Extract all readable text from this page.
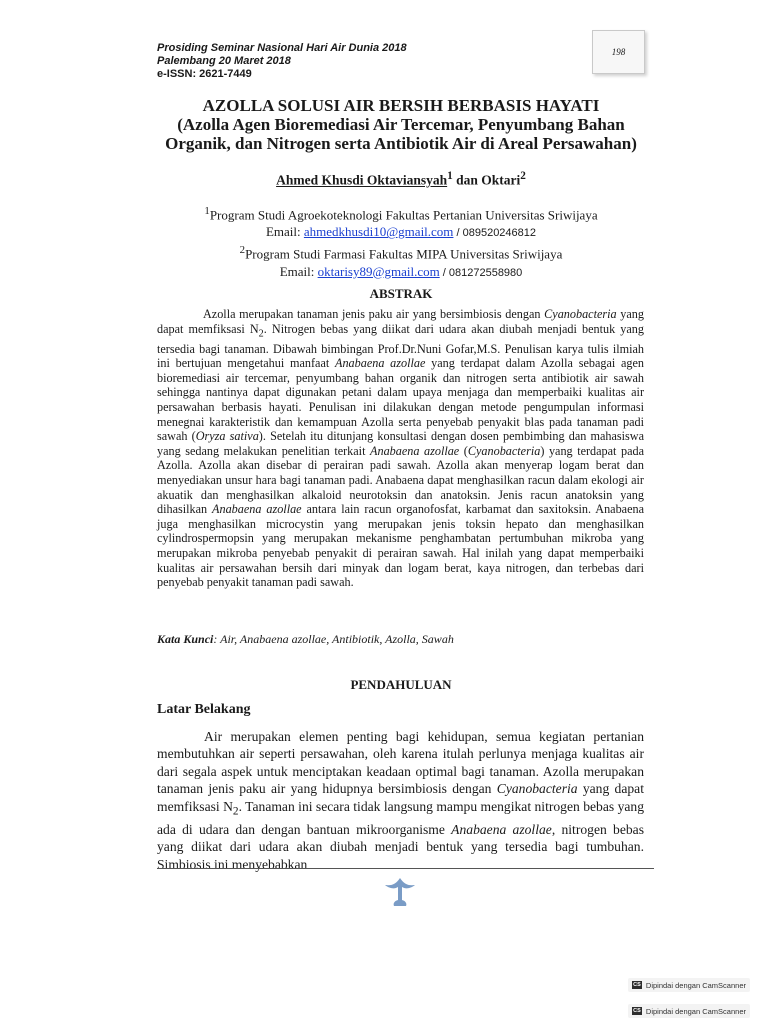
Prosiding Seminar Nasional Hari Air Dunia 2018
Palembang 20 Maret 2018
e-ISSN: 2621-7449
198
AZOLLA SOLUSI AIR BERSIH BERBASIS HAYATI
(Azolla Agen Bioremediasi Air Tercemar, Penyumbang Bahan
Organik, dan Nitrogen serta Antibiotik Air di Areal Persawahan)
Ahmed Khusdi Oktaviansyah$^1$ dan Oktari$^2$
$^1$Program Studi Agroekoteknologi Fakultas Pertanian Universitas Sriwijaya
Email: ahmedkhusdi10@gmail.com / 089520246812
$^2$Program Studi Farmasi Fakultas MIPA Universitas Sriwijaya
Email: oktarisy89@gmail.com / 081272558980
ABSTRAK
Azolla merupakan tanaman jenis paku air yang bersimbiosis dengan Cyanobacteria yang dapat memfiksasi $N_2$. Nitrogen bebas yang diikat dari udara akan diubah menjadi bentuk yang tersedia bagi tanaman. Dibawah bimbingan Prof.Dr.Nuni Gofar,M.S. Penulisan karya tulis ilmiah ini bertujuan mengetahui manfaat Anabaena azollae yang terdapat dalam Azolla sebagai agen bioremediasi air tercemar, penyumbang bahan organik dan nitrogen serta antibiotik air sawah sehingga nantinya dapat digunakan petani dalam upaya menjaga dan memperbaiki kualitas air persawahan berbasis hayati. Penulisan ini dilakukan dengan metode pengumpulan informasi menegnai karakteristik dan kemampuan Azolla serta penyebab penyakit blas pada tanaman padi sawah (Oryza sativa). Setelah itu ditunjang konsultasi dengan dosen pembimbing dan mahasiswa yang sedang melakukan penelitian terkait Anabaena azollae (Cyanobacteria) yang terdapat pada Azolla. Azolla akan disebar di perairan padi sawah. Azolla akan menyerap logam berat dan menyediakan unsur hara bagi tanaman padi. Anabaena dapat menghasilkan racun dalam ekologi air akuatik dan menghasilkan alkaloid neurotoksin dan anatoksin. Jenis racun anatoksin yang dihasilkan Anabaena azollae antara lain racun organofosfat, karbamat dan saxitoksin. Anabaena juga menghasilkan microcystin yang merupakan jenis toksin hepato dan menghasilkan cylindrospermopsin yang merupakan mekanisme penghambatan pertumbuhan mikroba yang merupakan mikroba penyebab penyakit di perairan sawah. Hal inilah yang dapat memperbaiki kualitas air persawahan bersih dari minyak dan logam berat, kaya nitrogen, dan terbebas dari penyebab penyakit tanaman padi sawah.
Kata Kunci: Air, Anabaena azollae, Antibiotik, Azolla, Sawah
PENDAHULUAN
Latar Belakang
Air merupakan elemen penting bagi kehidupan, semua kegiatan pertanian membutuhkan air seperti persawahan, oleh karena itulah perlunya menjaga kualitas air dari segala aspek untuk menciptakan keadaan optimal bagi tanaman. Azolla merupakan tanaman jenis paku air yang hidupnya bersimbiosis dengan Cyanobacteria yang dapat memfiksasi $N_2$. Tanaman ini secara tidak langsung mampu mengikat nitrogen bebas yang ada di udara dan dengan bantuan mikroorganisme Anabaena azollae, nitrogen bebas yang diikat dari udara akan diubah menjadi bentuk yang tersedia bagi tumbuhan. Simbiosis ini menyebabkan
CS Dipindai dengan CamScanner
CS Dipindai dengan CamScanner
